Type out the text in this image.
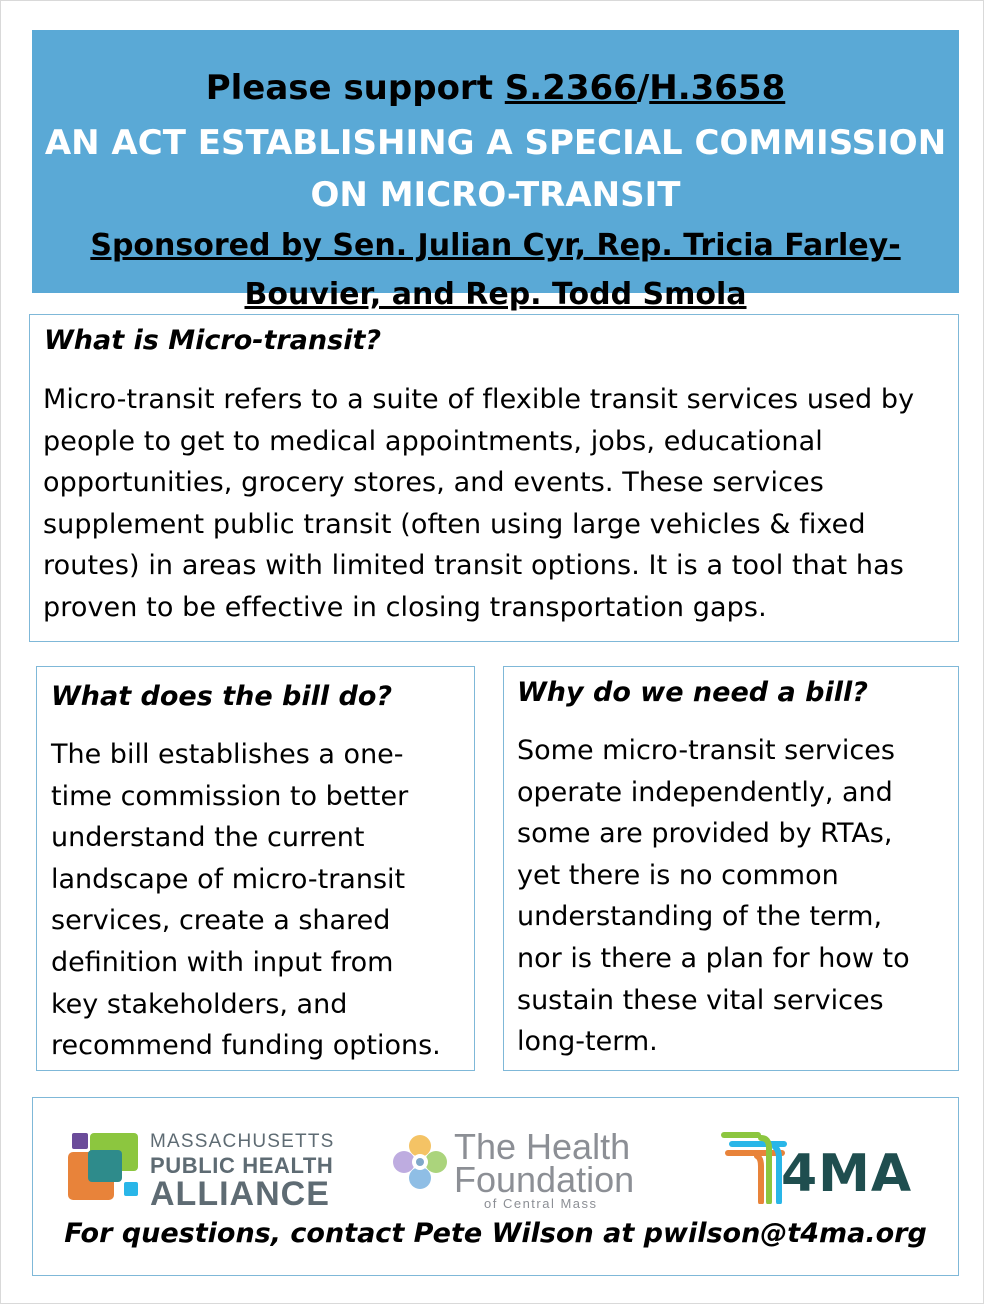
Please support S.2366/H.3658
AN ACT ESTABLISHING A SPECIAL COMMISSION
ON MICRO-TRANSIT
Sponsored by Sen. Julian Cyr, Rep. Tricia Farley-
Bouvier, and Rep. Todd Smola
What is Micro-transit?
Micro-transit refers to a suite of flexible transit services used by
people to get to medical appointments, jobs, educational
opportunities, grocery stores, and events. These services
supplement public transit (often using large vehicles & fixed
routes) in areas with limited transit options. It is a tool that has
proven to be effective in closing transportation gaps.
What does the bill do?
The bill establishes a one-
time commission to better
understand the current
landscape of micro-transit
services, create a shared
definition with input from
key stakeholders, and
recommend funding options.
Why do we need a bill?
Some micro-transit services
operate independently, and
some are provided by RTAs,
yet there is no common
understanding of the term,
nor is there a plan for how to
sustain these vital services
long-term.
MASSACHUSETTS
PUBLIC HEALTH
ALLIANCE
The Health
Foundation
of Central Mass	4MA
For questions, contact Pete Wilson at pwilson@t4ma.org
